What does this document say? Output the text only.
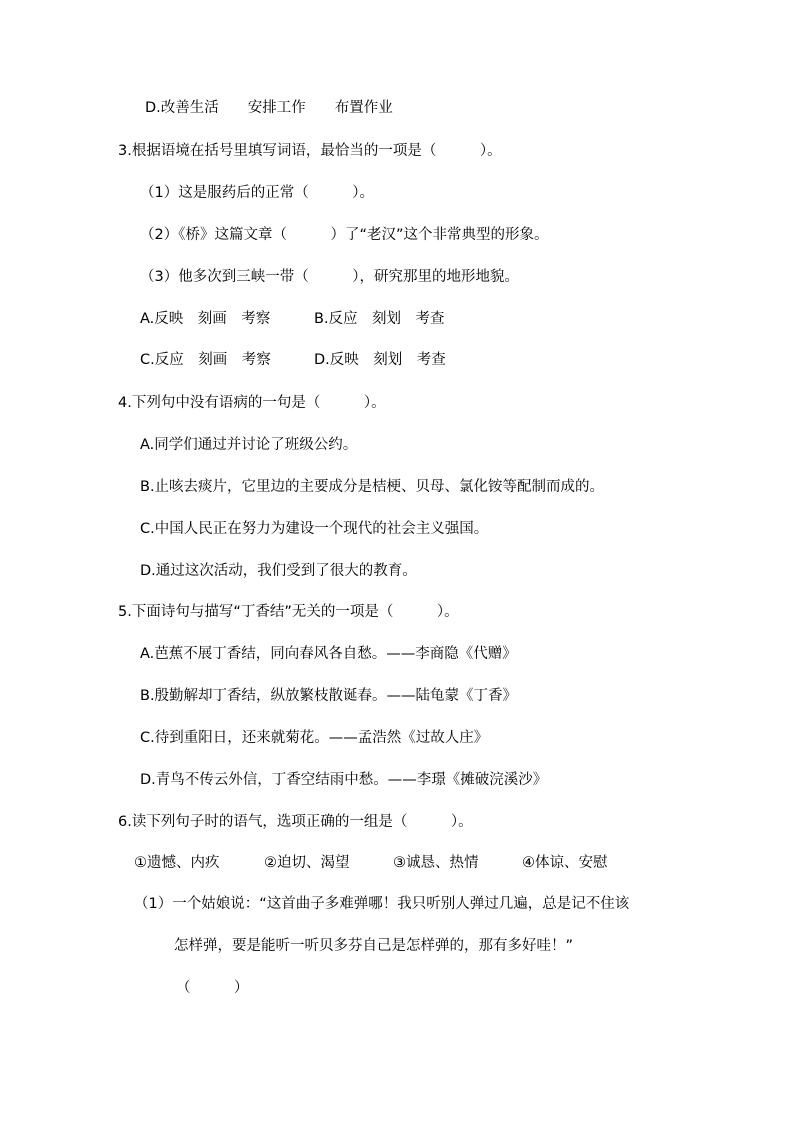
D.改善生活　　安排工作　　布置作业
3.根据语境在括号里填写词语，最恰当的一项是（　　　）。
（1）这是服药后的正常（　　　）。
（2）《桥》这篇文章（　　　）了“老汉”这个非常典型的形象。
（3）他多次到三峡一带（　　　），研究那里的地形地貌。
A.反映　刻画　考察	B.反应　刻划　考查
C.反应　刻画　考察	D.反映　刻划　考查
4.下列句中没有语病的一句是（　　　）。
A.同学们通过并讨论了班级公约。
B.止咳去痰片，它里边的主要成分是桔梗、贝母、氯化铵等配制而成的。
C.中国人民正在努力为建设一个现代的社会主义强国。
D.通过这次活动，我们受到了很大的教育。
5.下面诗句与描写“丁香结”无关的一项是（　　　）。
A.芭蕉不展丁香结，同向春风各自愁。——李商隐《代赠》
B.殷勤解却丁香结，纵放繁枝散诞春。——陆龟蒙《丁香》
C.待到重阳日，还来就菊花。——孟浩然《过故人庄》
D.青鸟不传云外信，丁香空结雨中愁。——李璟《摊破浣溪沙》
6.读下列句子时的语气，选项正确的一组是（　　　）。
①遗憾、内疚	②迫切、渴望	③诚恳、热情	④体谅、安慰
（1）一个姑娘说：“这首曲子多难弹哪！我只听别人弹过几遍，总是记不住该
怎样弹，要是能听一听贝多芬自己是怎样弹的，那有多好哇！”
（　　　）
